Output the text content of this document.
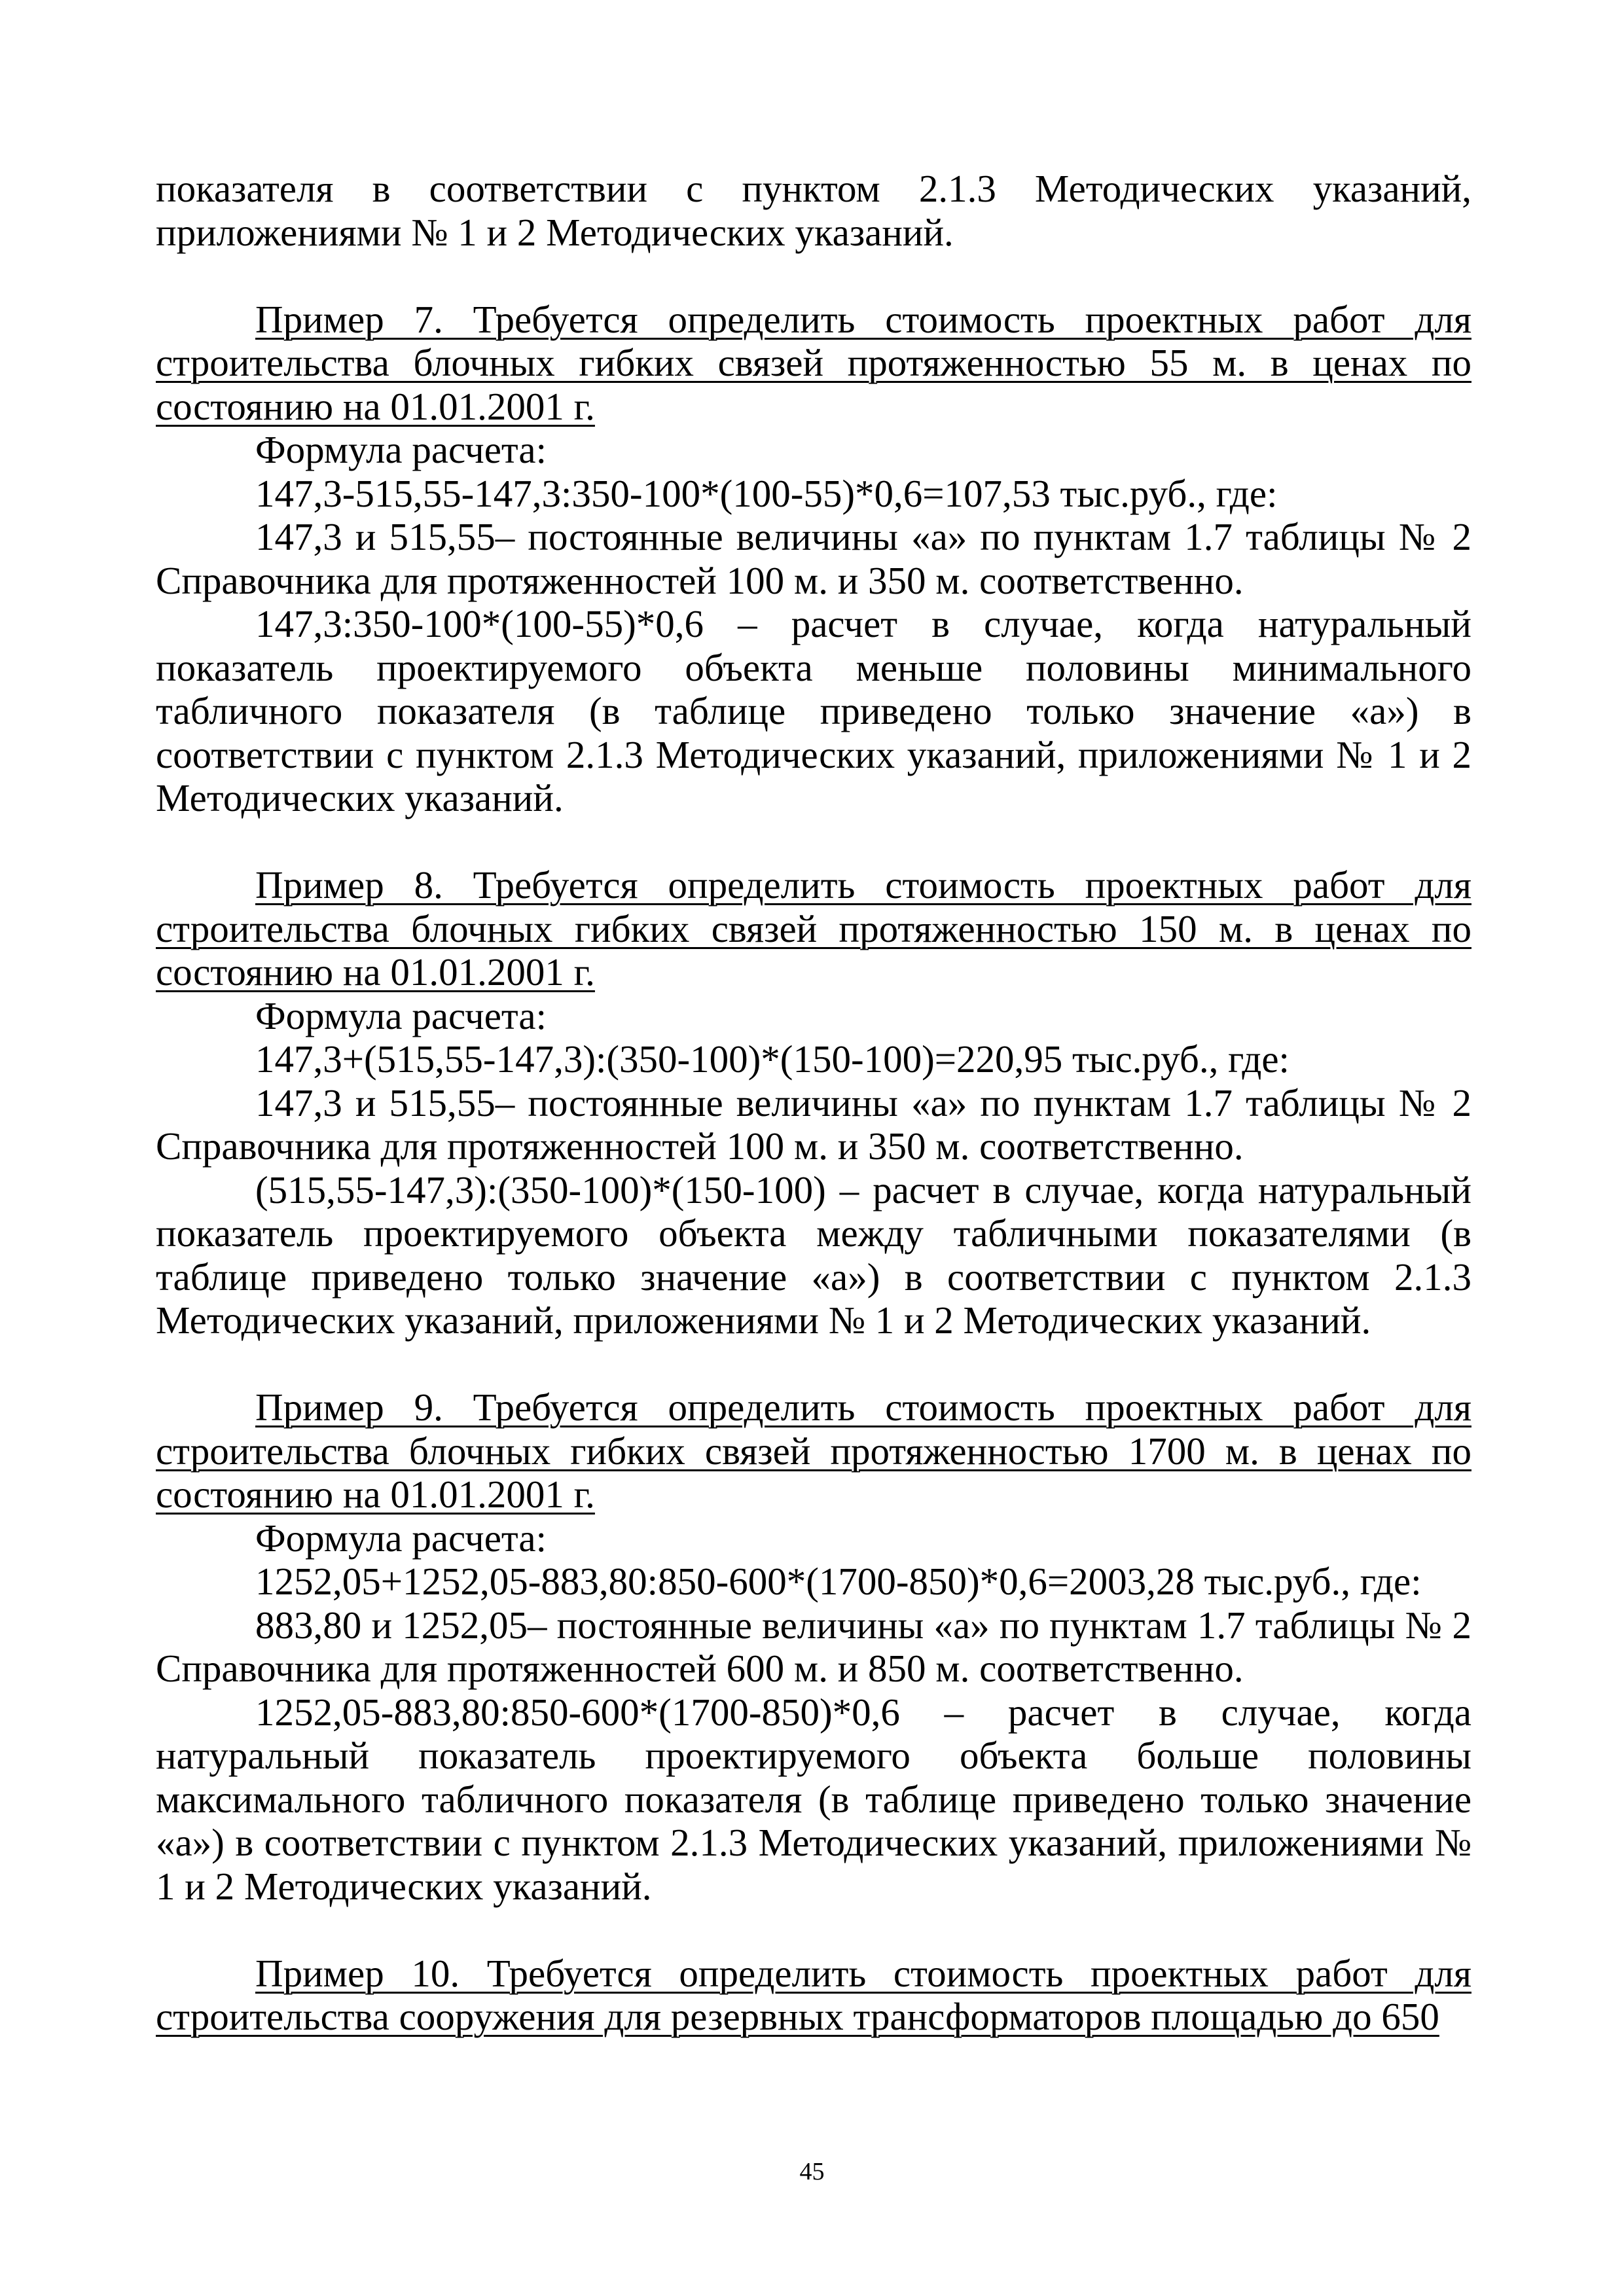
показателя в соответствии с пунктом 2.1.3 Методических указаний, приложениями № 1 и 2 Методических указаний.

Пример 7. Требуется определить стоимость проектных работ для строительства блочных гибких связей протяженностью 55 м. в ценах по состоянию на 01.01.2001 г.

Формула расчета:

147,3-515,55-147,3:350-100*(100-55)*0,6=107,53 тыс.руб., где:

147,3 и 515,55– постоянные величины «а» по пунктам 1.7 таблицы № 2 Справочника для протяженностей 100 м. и 350 м. соответственно.

147,3:350-100*(100-55)*0,6 – расчет в случае, когда натуральный показатель проектируемого объекта меньше половины минимального табличного показателя (в таблице приведено только значение «а») в соответствии с пунктом 2.1.3 Методических указаний, приложениями № 1 и 2 Методических указаний.

Пример 8. Требуется определить стоимость проектных работ для строительства блочных гибких связей протяженностью 150 м. в ценах по состоянию на 01.01.2001 г.

Формула расчета:

147,3+(515,55-147,3):(350-100)*(150-100)=220,95 тыс.руб., где:

147,3 и 515,55– постоянные величины «а» по пунктам 1.7 таблицы № 2 Справочника для протяженностей 100 м. и 350 м. соответственно.

(515,55-147,3):(350-100)*(150-100) – расчет в случае, когда натуральный показатель проектируемого объекта между табличными показателями (в таблице приведено только значение «а») в соответствии с пунктом 2.1.3 Методических указаний, приложениями № 1 и 2 Методических указаний.

Пример 9. Требуется определить стоимость проектных работ для строительства блочных гибких связей протяженностью 1700 м. в ценах по состоянию на 01.01.2001 г.

Формула расчета:

1252,05+1252,05-883,80:850-600*(1700-850)*0,6=2003,28 тыс.руб., где:

883,80 и 1252,05– постоянные величины «а» по пунктам 1.7 таблицы № 2 Справочника для протяженностей 600 м. и 850 м. соответственно.

1252,05-883,80:850-600*(1700-850)*0,6 – расчет в случае, когда натуральный показатель проектируемого объекта больше половины максимального табличного показателя (в таблице приведено только значение «а») в соответствии с пунктом 2.1.3 Методических указаний, приложениями № 1 и 2 Методических указаний.

Пример 10. Требуется определить стоимость проектных работ для строительства сооружения для резервных трансформаторов площадью до 650

45
